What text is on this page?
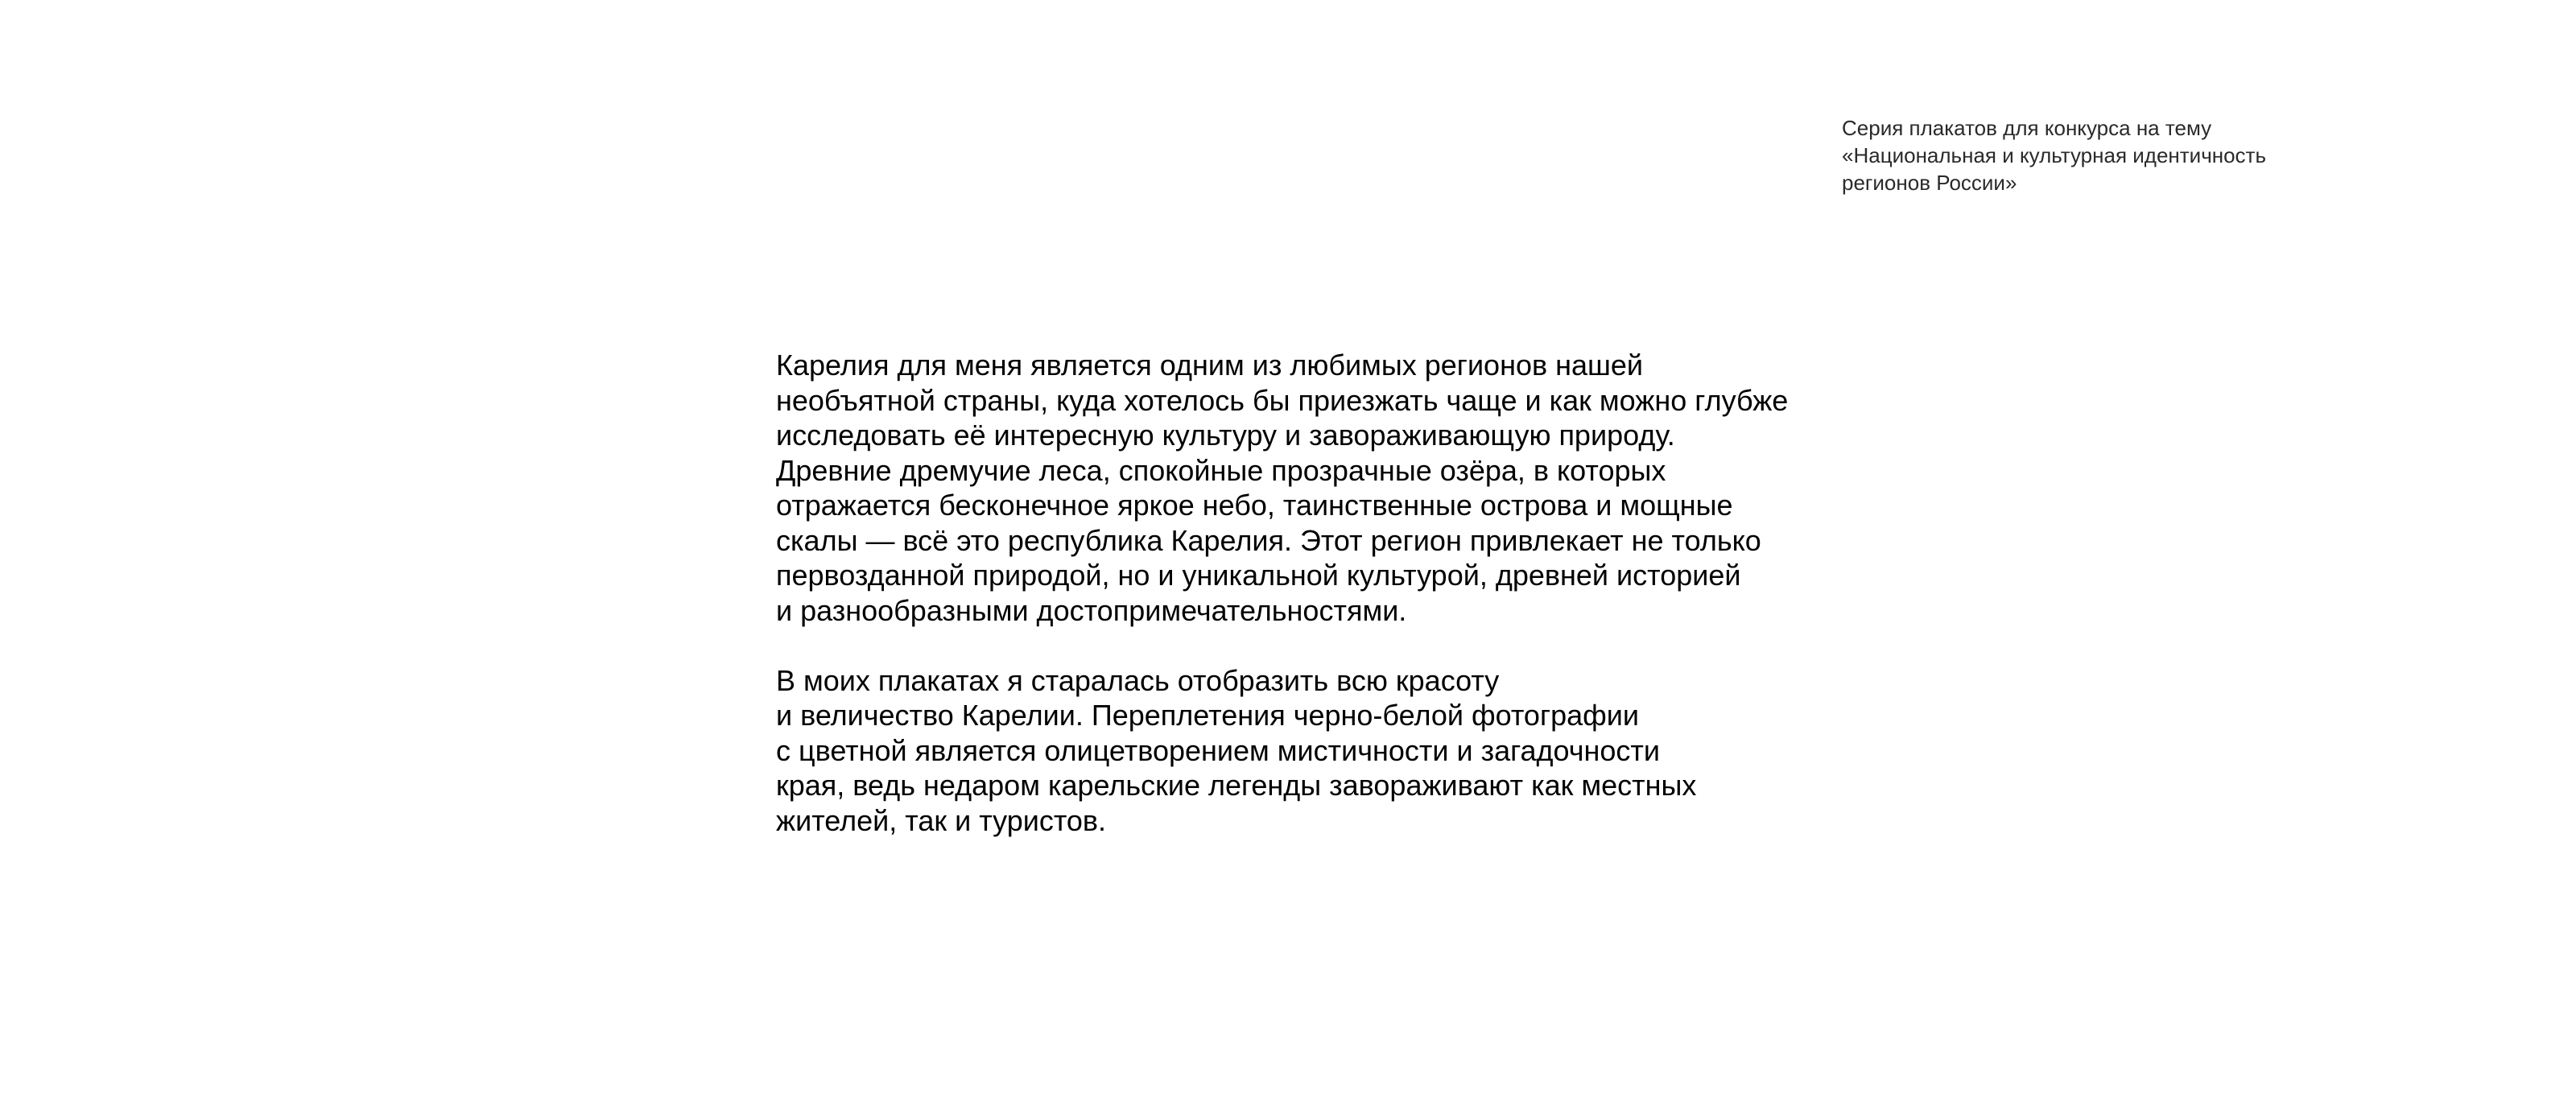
Серия плакатов для конкурса на тему
«Национальная и культурная идентичность
регионов России»

Карелия для меня является одним из любимых регионов нашей
необъятной страны, куда хотелось бы приезжать чаще и как можно глубже
исследовать её интересную культуру и завораживающую природу.
Древние дремучие леса, спокойные прозрачные озёра, в которых
отражается бесконечное яркое небо, таинственные острова и мощные
скалы — всё это республика Карелия. Этот регион привлекает не только
первозданной природой, но и уникальной культурой, древней историей
и разнообразными достопримечательностями.

В моих плакатах я старалась отобразить всю красоту
и величество Карелии. Переплетения черно-белой фотографии
с цветной является олицетворением мистичности и загадочности
края, ведь недаром карельские легенды завораживают как местных
жителей, так и туристов.
